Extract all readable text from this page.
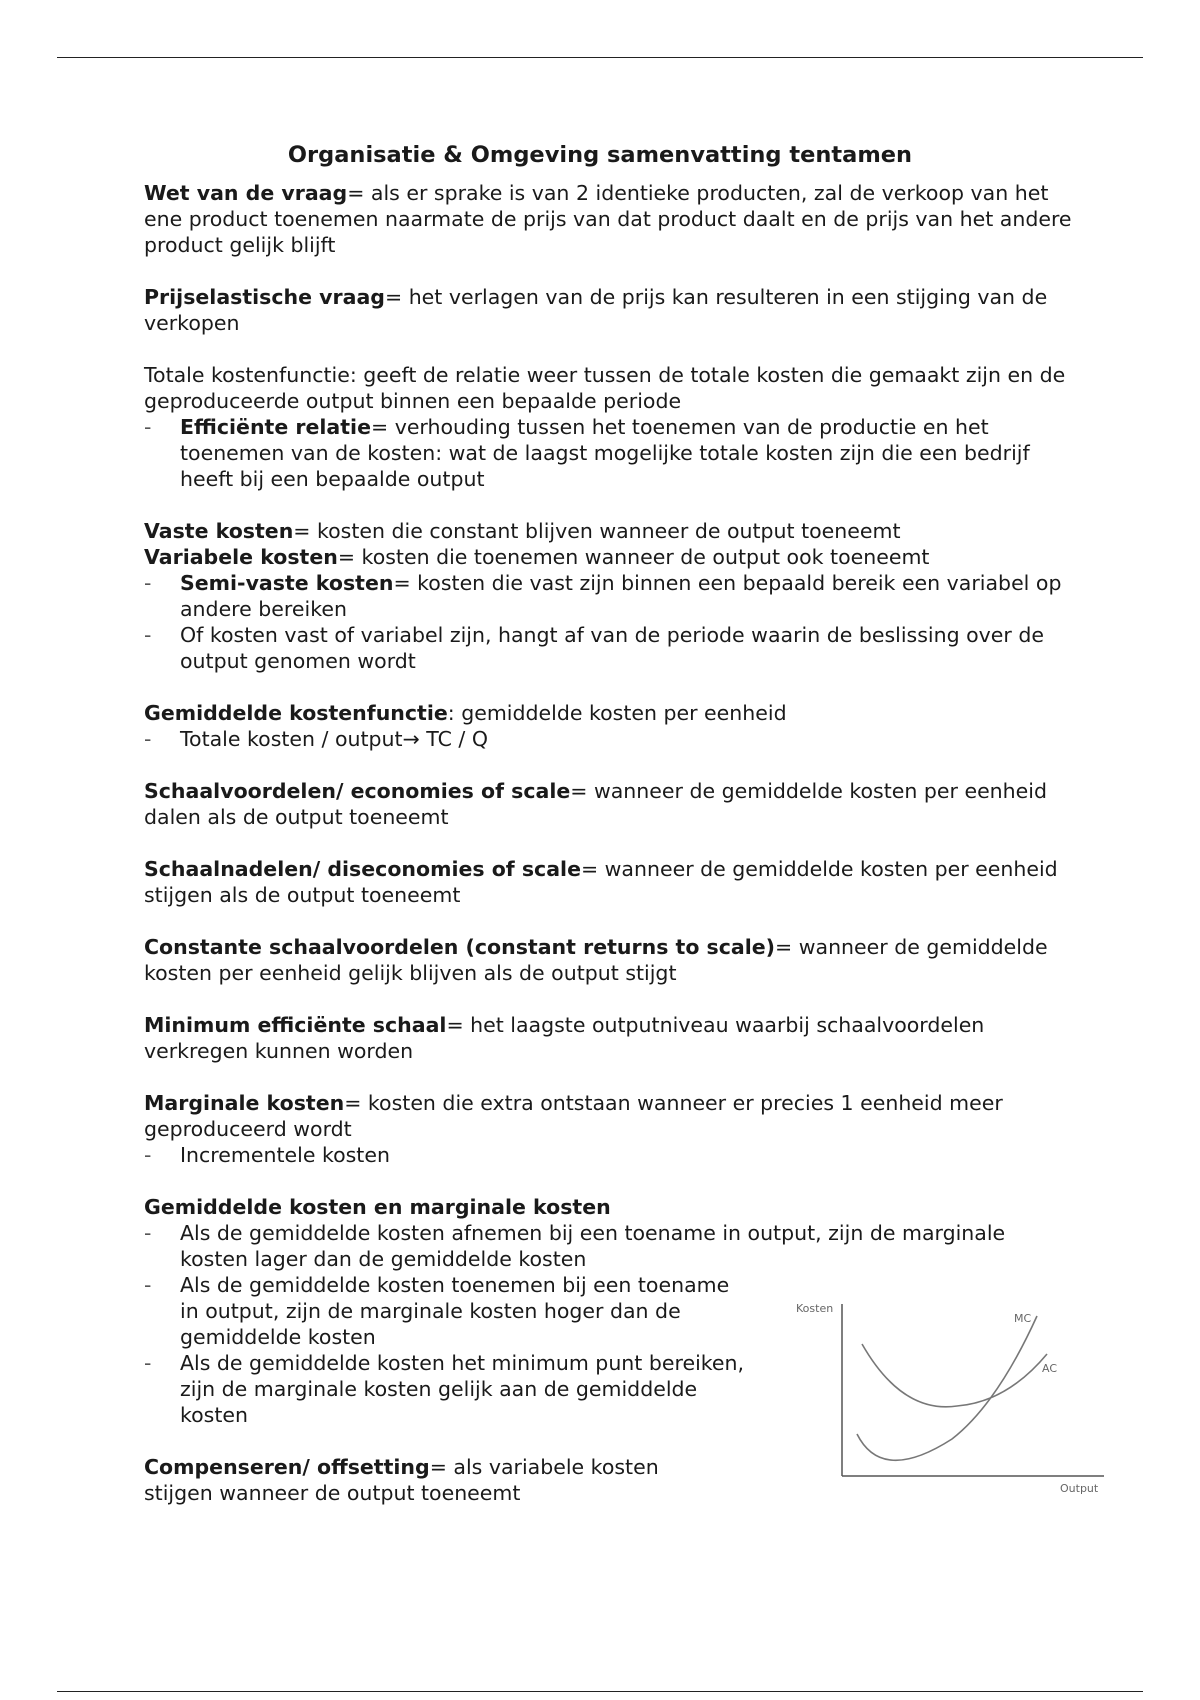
Organisatie & Omgeving samenvatting tentamen

Wet van de vraag= als er sprake is van 2 identieke producten, zal de verkoop van het ene product toenemen naarmate de prijs van dat product daalt en de prijs van het andere product gelijk blijft

Prijselastische vraag= het verlagen van de prijs kan resulteren in een stijging van de verkopen

Totale kostenfunctie: geeft de relatie weer tussen de totale kosten die gemaakt zijn en de geproduceerde output binnen een bepaalde periode

- Efficiënte relatie= verhouding tussen het toenemen van de productie en het toenemen van de kosten: wat de laagst mogelijke totale kosten zijn die een bedrijf heeft bij een bepaalde output

Vaste kosten= kosten die constant blijven wanneer de output toeneemt

Variabele kosten= kosten die toenemen wanneer de output ook toeneemt

- Semi-vaste kosten= kosten die vast zijn binnen een bepaald bereik een variabel op andere bereiken
- Of kosten vast of variabel zijn, hangt af van de periode waarin de beslissing over de output genomen wordt

Gemiddelde kostenfunctie: gemiddelde kosten per eenheid

- Totale kosten / output→ TC / Q

Schaalvoordelen/ economies of scale= wanneer de gemiddelde kosten per eenheid dalen als de output toeneemt

Schaalnadelen/ diseconomies of scale= wanneer de gemiddelde kosten per eenheid stijgen als de output toeneemt

Constante schaalvoordelen (constant returns to scale)= wanneer de gemiddelde kosten per eenheid gelijk blijven als de output stijgt

Minimum efficiënte schaal= het laagste outputniveau waarbij schaalvoordelen verkregen kunnen worden

Marginale kosten= kosten die extra ontstaan wanneer er precies 1 eenheid meer geproduceerd wordt

- Incrementele kosten

Gemiddelde kosten en marginale kosten

- Als de gemiddelde kosten afnemen bij een toename in output, zijn de marginale kosten lager dan de gemiddelde kosten
- Als de gemiddelde kosten toenemen bij een toename in output, zijn de marginale kosten hoger dan de gemiddelde kosten
- Als de gemiddelde kosten het minimum punt bereiken, zijn de marginale kosten gelijk aan de gemiddelde kosten

Compenseren/ offsetting= als variabele kosten stijgen wanneer de output toeneemt

Kosten
Output
MC
AC
